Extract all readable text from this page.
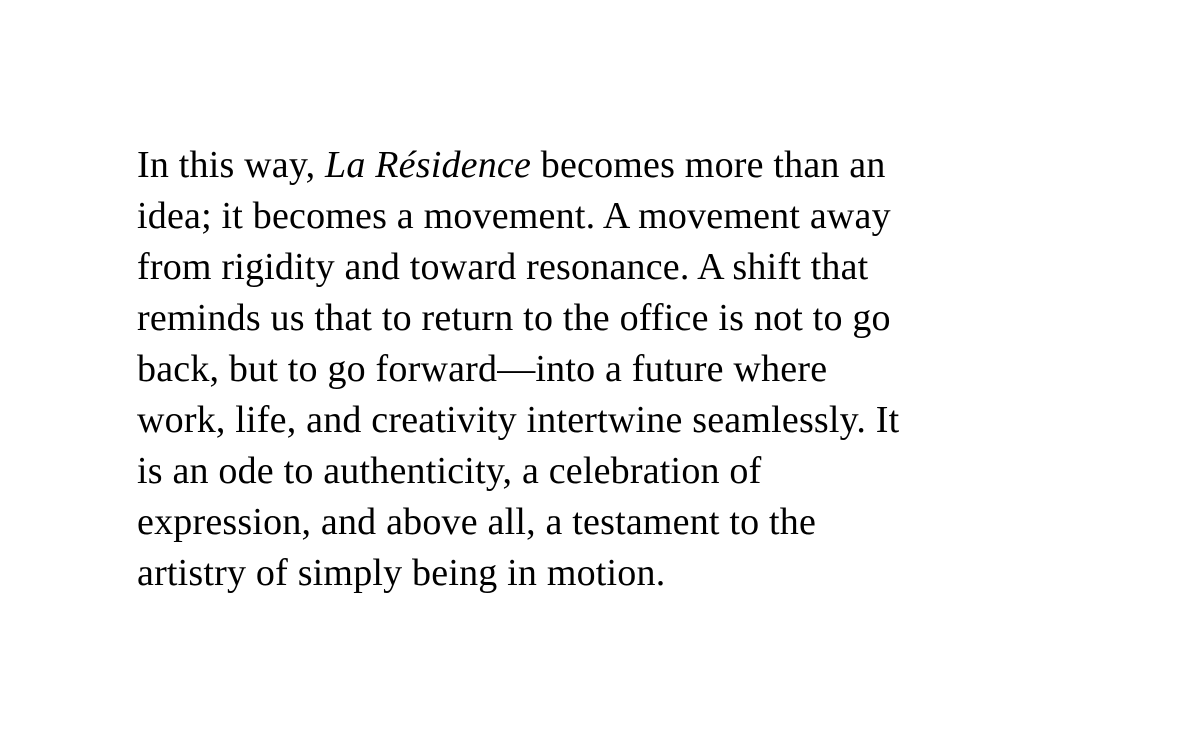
In this way, La Résidence becomes more than an
idea; it becomes a movement. A movement away
from rigidity and toward resonance. A shift that
reminds us that to return to the office is not to go
back, but to go forward—into a future where
work, life, and creativity intertwine seamlessly. It
is an ode to authenticity, a celebration of
expression, and above all, a testament to the
artistry of simply being in motion.
